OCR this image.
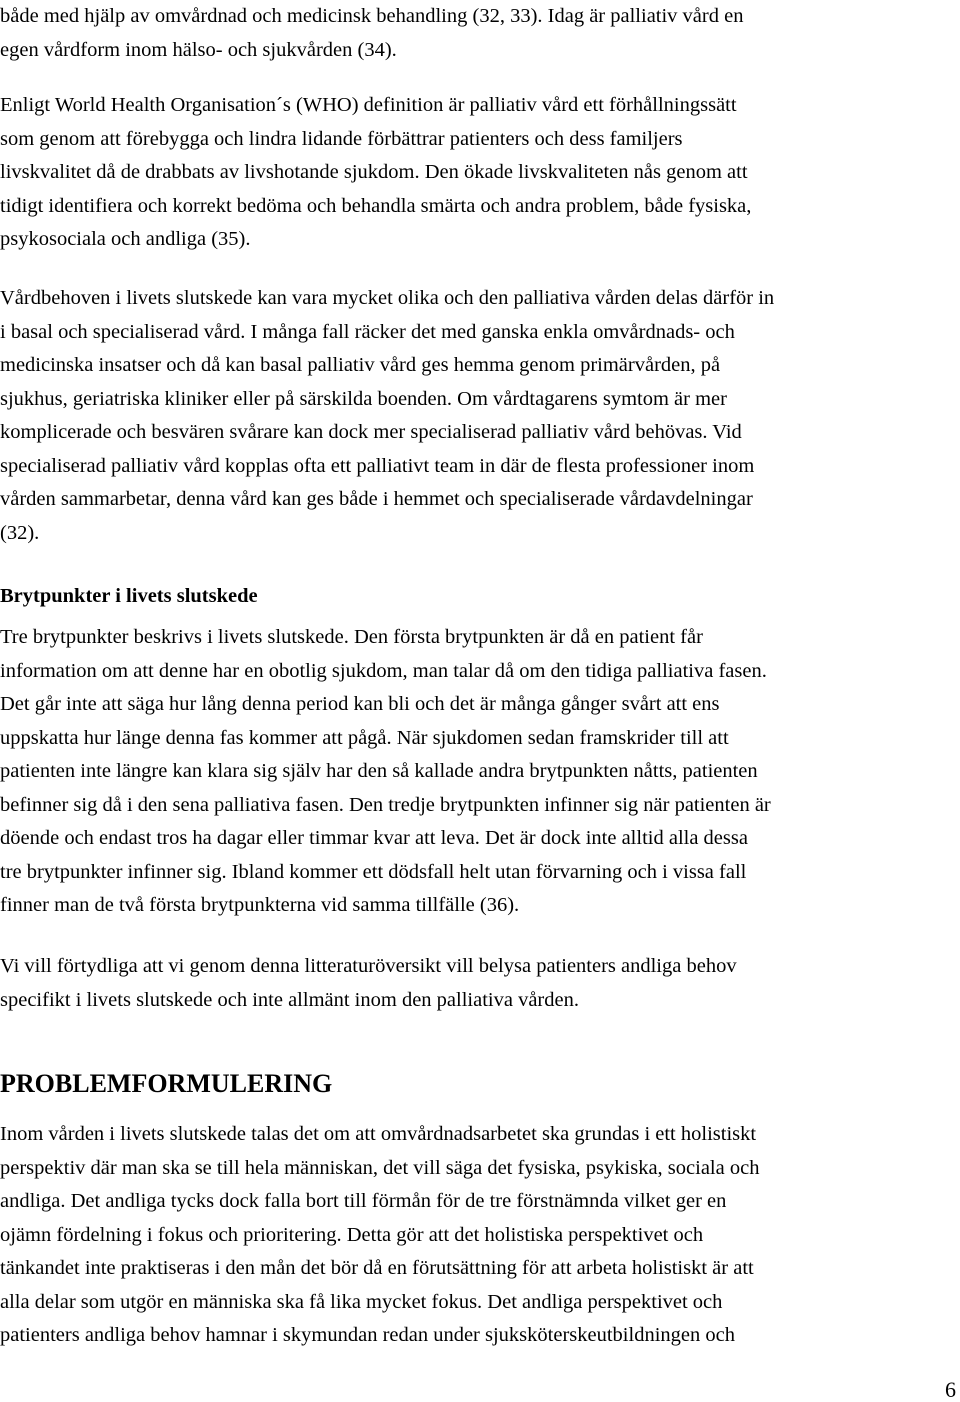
både med hjälp av omvårdnad och medicinsk behandling (32, 33). Idag är palliativ vård en
egen vårdform inom hälso- och sjukvården (34).
Enligt World Health Organisation´s (WHO) definition är palliativ vård ett förhållningssätt
som genom att förebygga och lindra lidande förbättrar patienters och dess familjers
livskvalitet då de drabbats av livshotande sjukdom. Den ökade livskvaliteten nås genom att
tidigt identifiera och korrekt bedöma och behandla smärta och andra problem, både fysiska,
psykosociala och andliga (35).
Vårdbehoven i livets slutskede kan vara mycket olika och den palliativa vården delas därför in
i basal och specialiserad vård. I många fall räcker det med ganska enkla omvårdnads- och
medicinska insatser och då kan basal palliativ vård ges hemma genom primärvården, på
sjukhus, geriatriska kliniker eller på särskilda boenden. Om vårdtagarens symtom är mer
komplicerade och besvären svårare kan dock mer specialiserad palliativ vård behövas. Vid
specialiserad palliativ vård kopplas ofta ett palliativt team in där de flesta professioner inom
vården sammarbetar, denna vård kan ges både i hemmet och specialiserade vårdavdelningar
(32).
Brytpunkter i livets slutskede
Tre brytpunkter beskrivs i livets slutskede. Den första brytpunkten är då en patient får
information om att denne har en obotlig sjukdom, man talar då om den tidiga palliativa fasen.
Det går inte att säga hur lång denna period kan bli och det är många gånger svårt att ens
uppskatta hur länge denna fas kommer att pågå. När sjukdomen sedan framskrider till att
patienten inte längre kan klara sig själv har den så kallade andra brytpunkten nåtts, patienten
befinner sig då i den sena palliativa fasen. Den tredje brytpunkten infinner sig när patienten är
döende och endast tros ha dagar eller timmar kvar att leva. Det är dock inte alltid alla dessa
tre brytpunkter infinner sig. Ibland kommer ett dödsfall helt utan förvarning och i vissa fall
finner man de två första brytpunkterna vid samma tillfälle (36).
Vi vill förtydliga att vi genom denna litteraturöversikt vill belysa patienters andliga behov
specifikt i livets slutskede och inte allmänt inom den palliativa vården.
PROBLEMFORMULERING
Inom vården i livets slutskede talas det om att omvårdnadsarbetet ska grundas i ett holistiskt
perspektiv där man ska se till hela människan, det vill säga det fysiska, psykiska, sociala och
andliga. Det andliga tycks dock falla bort till förmån för de tre förstnämnda vilket ger en
ojämn fördelning i fokus och prioritering. Detta gör att det holistiska perspektivet och
tänkandet inte praktiseras i den mån det bör då en förutsättning för att arbeta holistiskt är att
alla delar som utgör en människa ska få lika mycket fokus. Det andliga perspektivet och
patienters andliga behov hamnar i skymundan redan under sjuksköterskeutbildningen och
6
